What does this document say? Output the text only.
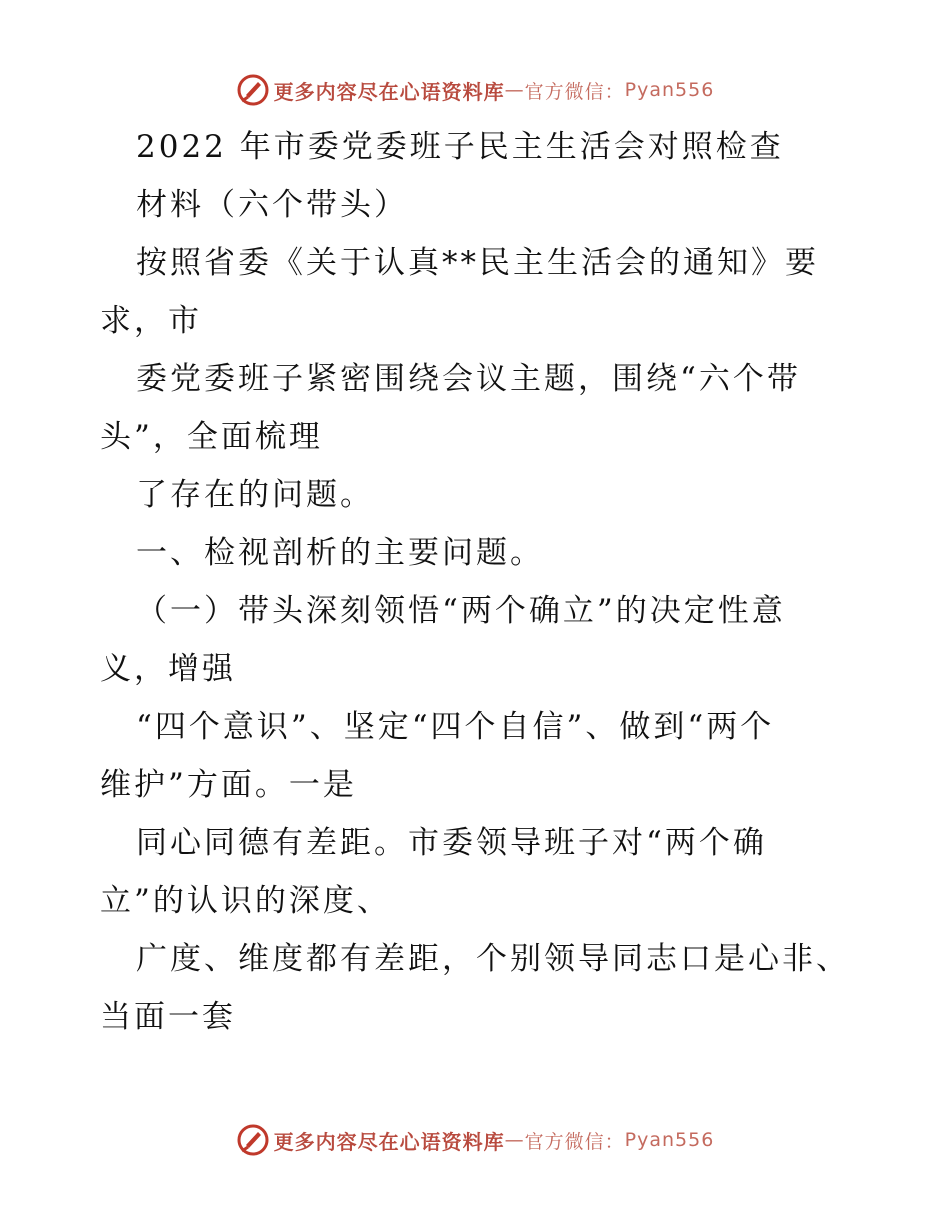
更多内容尽在心语资料库 — 官方微信： Pyan556
2022 年市委党委班子民主生活会对照检查
材料（六个带头）
按照省委《关于认真**民主生活会的通知》要
求，市
委党委班子紧密围绕会议主题，围绕“六个带
头”，全面梳理
了存在的问题。
一、检视剖析的主要问题。
（一）带头深刻领悟“两个确立”的决定性意
义，增强
“四个意识”、坚定“四个自信”、做到“两个
维护”方面。一是
同心同德有差距。市委领导班子对“两个确
立”的认识的深度、
广度、维度都有差距，个别领导同志口是心非、
当面一套
更多内容尽在心语资料库 — 官方微信： Pyan556
